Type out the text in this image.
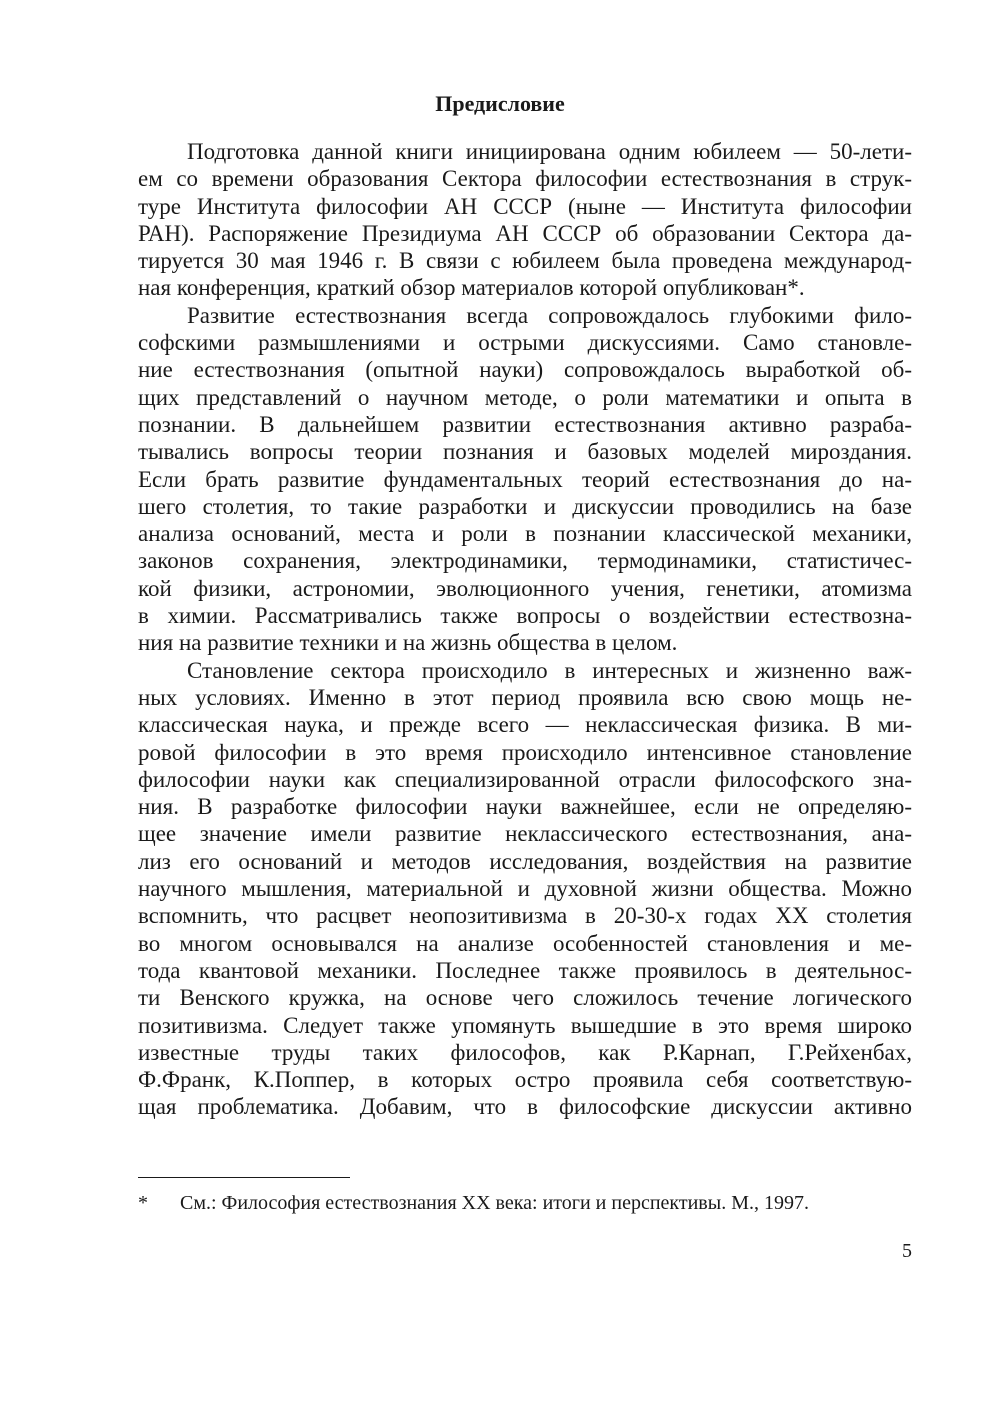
Предисловие
Подготовка данной книги инициирована одним юбилеем — 50-лети-
ем со времени образования Сектора философии естествознания в струк-
туре Института философии АН СССР (ныне — Института философии
РАН). Распоряжение Президиума АН СССР об образовании Сектора да-
тируется 30 мая 1946 г. В связи с юбилеем была проведена международ-
ная конференция, краткий обзор материалов которой опубликован*.
Развитие естествознания всегда сопровождалось глубокими фило-
софскими размышлениями и острыми дискуссиями. Само становле-
ние естествознания (опытной науки) сопровождалось выработкой об-
щих представлений о научном методе, о роли математики и опыта в
познании. В дальнейшем развитии естествознания активно разраба-
тывались вопросы теории познания и базовых моделей мироздания.
Если брать развитие фундаментальных теорий естествознания до на-
шего столетия, то такие разработки и дискуссии проводились на базе
анализа оснований, места и роли в познании классической механики,
законов сохранения, электродинамики, термодинамики, статистичес-
кой физики, астрономии, эволюционного учения, генетики, атомизма
в химии. Рассматривались также вопросы о воздействии естествозна-
ния на развитие техники и на жизнь общества в целом.
Становление сектора происходило в интересных и жизненно важ-
ных условиях. Именно в этот период проявила всю свою мощь не-
классическая наука, и прежде всего — неклассическая физика. В ми-
ровой философии в это время происходило интенсивное становление
философии науки как специализированной отрасли философского зна-
ния. В разработке философии науки важнейшее, если не определяю-
щее значение имели развитие неклассического естествознания, ана-
лиз его оснований и методов исследования, воздействия на развитие
научного мышления, материальной и духовной жизни общества. Можно
вспомнить, что расцвет неопозитивизма в 20-30-х годах XX столетия
во многом основывался на анализе особенностей становления и ме-
тода квантовой механики. Последнее также проявилось в деятельнос-
ти Венского кружка, на основе чего сложилось течение логического
позитивизма. Следует также упомянуть вышедшие в это время широко
известные труды таких философов, как Р.Карнап, Г.Рейхенбах,
Ф.Франк, К.Поппер, в которых остро проявила себя соответствую-
щая проблематика. Добавим, что в философские дискуссии активно
* См.: Философия естествознания XX века: итоги и перспективы. М., 1997.
5
